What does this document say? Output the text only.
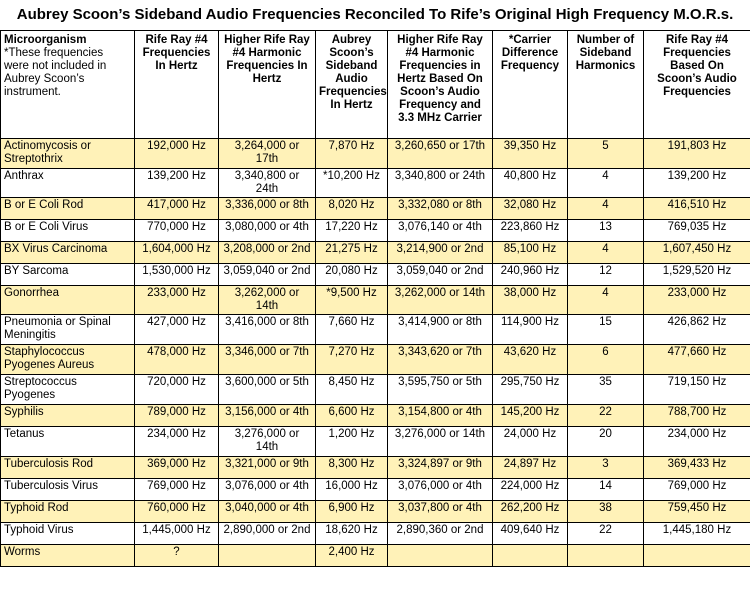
Aubrey Scoon’s Sideband Audio Frequencies Reconciled To Rife’s Original High Frequency M.O.R.s.
Microorganism
*These frequencies were not included in Aubrey Scoon’s instrument.	Rife Ray #4 Frequencies In Hertz	Higher Rife Ray #4 Harmonic Frequencies In Hertz	Aubrey Scoon’s Sideband Audio Frequencies In Hertz	Higher Rife Ray #4 Harmonic Frequencies in Hertz Based On Scoon’s Audio Frequency and 3.3 MHz Carrier	*Carrier Difference Frequency	Number of Sideband Harmonics	Rife Ray #4 Frequencies Based On Scoon’s Audio Frequencies
Actinomycosis or Streptothrix	192,000 Hz	3,264,000 or 17th	7,870 Hz	3,260,650 or 17th	39,350 Hz	5	191,803 Hz
Anthrax	139,200 Hz	3,340,800 or 24th	*10,200 Hz	3,340,800 or 24th	40,800 Hz	4	139,200 Hz
B or E Coli Rod	417,000 Hz	3,336,000 or 8th	8,020 Hz	3,332,080 or 8th	32,080 Hz	4	416,510 Hz
B or E Coli Virus	770,000 Hz	3,080,000 or 4th	17,220 Hz	3,076,140 or 4th	223,860 Hz	13	769,035 Hz
BX Virus Carcinoma	1,604,000 Hz	3,208,000 or 2nd	21,275 Hz	3,214,900 or 2nd	85,100 Hz	4	1,607,450 Hz
BY Sarcoma	1,530,000 Hz	3,059,040 or 2nd	20,080 Hz	3,059,040 or 2nd	240,960 Hz	12	1,529,520 Hz
Gonorrhea	233,000 Hz	3,262,000 or 14th	*9,500 Hz	3,262,000 or 14th	38,000 Hz	4	233,000 Hz
Pneumonia or Spinal Meningitis	427,000 Hz	3,416,000 or 8th	7,660 Hz	3,414,900 or 8th	114,900 Hz	15	426,862 Hz
Staphylococcus Pyogenes Aureus	478,000 Hz	3,346,000 or 7th	7,270 Hz	3,343,620 or 7th	43,620 Hz	6	477,660 Hz
Streptococcus Pyogenes	720,000 Hz	3,600,000 or 5th	8,450 Hz	3,595,750 or 5th	295,750 Hz	35	719,150 Hz
Syphilis	789,000 Hz	3,156,000 or 4th	6,600 Hz	3,154,800 or 4th	145,200 Hz	22	788,700 Hz
Tetanus	234,000 Hz	3,276,000 or 14th	1,200 Hz	3,276,000 or 14th	24,000 Hz	20	234,000 Hz
Tuberculosis Rod	369,000 Hz	3,321,000 or 9th	8,300 Hz	3,324,897 or 9th	24,897 Hz	3	369,433 Hz
Tuberculosis Virus	769,000 Hz	3,076,000 or 4th	16,000 Hz	3,076,000 or 4th	224,000 Hz	14	769,000 Hz
Typhoid Rod	760,000 Hz	3,040,000 or 4th	6,900 Hz	3,037,800 or 4th	262,200 Hz	38	759,450 Hz
Typhoid Virus	1,445,000 Hz	2,890,000 or 2nd	18,620 Hz	2,890,360 or 2nd	409,640 Hz	22	1,445,180 Hz
Worms	?		2,400 Hz				
